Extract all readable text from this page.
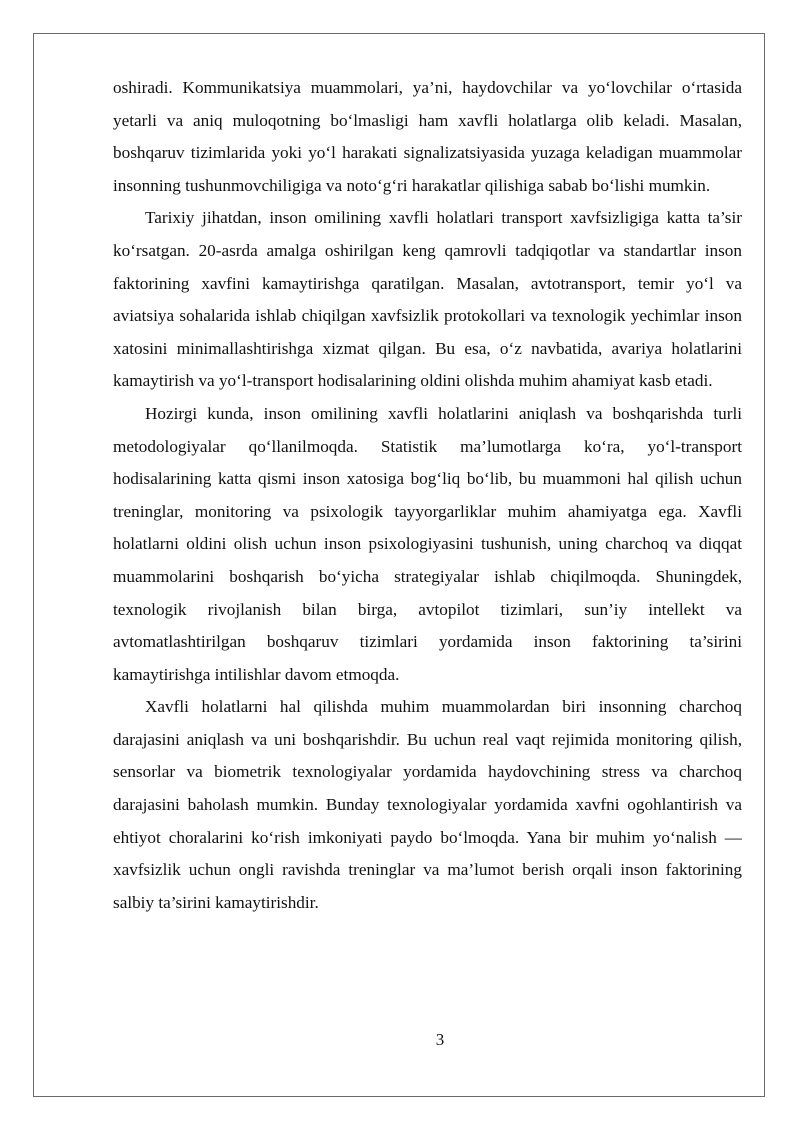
oshiradi. Kommunikatsiya muammolari, ya’ni, haydovchilar va yo‘lovchilar o‘rtasida yetarli va aniq muloqotning bo‘lmasligi ham xavfli holatlarga olib keladi. Masalan, boshqaruv tizimlarida yoki yo‘l harakati signalizatsiyasida yuzaga keladigan muammolar insonning tushunmovchiligiga va noto‘g‘ri harakatlar qilishiga sabab bo‘lishi mumkin.

Tarixiy jihatdan, inson omilining xavfli holatlari transport xavfsizligiga katta ta’sir ko‘rsatgan. 20-asrda amalga oshirilgan keng qamrovli tadqiqotlar va standartlar inson faktorining xavfini kamaytirishga qaratilgan. Masalan, avtotransport, temir yo‘l va aviatsiya sohalarida ishlab chiqilgan xavfsizlik protokollari va texnologik yechimlar inson xatosini minimallashtirishga xizmat qilgan. Bu esa, o‘z navbatida, avariya holatlarini kamaytirish va yo‘l-transport hodisalarining oldini olishda muhim ahamiyat kasb etadi.

Hozirgi kunda, inson omilining xavfli holatlarini aniqlash va boshqarishda turli metodologiyalar qo‘llanilmoqda. Statistik ma’lumotlarga ko‘ra, yo‘l-transport hodisalarining katta qismi inson xatosiga bog‘liq bo‘lib, bu muammoni hal qilish uchun treninglar, monitoring va psixologik tayyorgarliklar muhim ahamiyatga ega. Xavfli holatlarni oldini olish uchun inson psixologiyasini tushunish, uning charchoq va diqqat muammolarini boshqarish bo‘yicha strategiyalar ishlab chiqilmoqda. Shuningdek, texnologik rivojlanish bilan birga, avtopilot tizimlari, sun’iy intellekt va avtomatlashtirilgan boshqaruv tizimlari yordamida inson faktorining ta’sirini kamaytirishga intilishlar davom etmoqda.

Xavfli holatlarni hal qilishda muhim muammolardan biri insonning charchoq darajasini aniqlash va uni boshqarishdir. Bu uchun real vaqt rejimida monitoring qilish, sensorlar va biometrik texnologiyalar yordamida haydovchining stress va charchoq darajasini baholash mumkin. Bunday texnologiyalar yordamida xavfni ogohlantirish va ehtiyot choralarini ko‘rish imkoniyati paydo bo‘lmoqda. Yana bir muhim yo‘nalish — xavfsizlik uchun ongli ravishda treninglar va ma’lumot berish orqali inson faktorining salbiy ta’sirini kamaytirishdir.

3
